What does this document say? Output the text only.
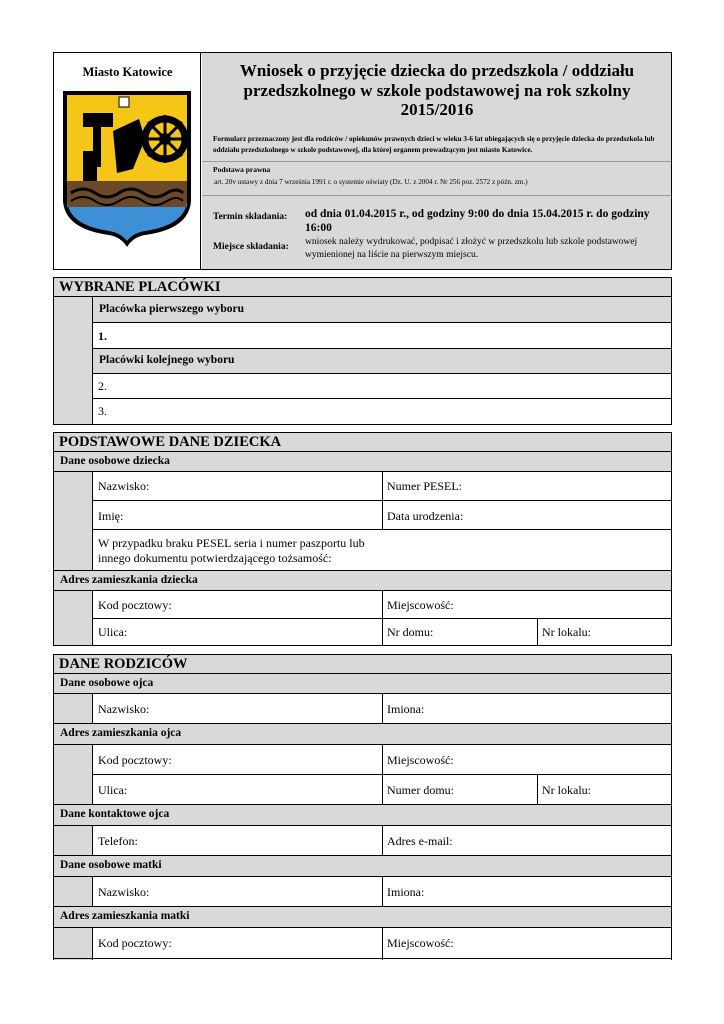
Miasto Katowice	Wniosek o przyjęcie dziecka do przedszkola / oddziału przedszkolnego w szkole podstawowej na rok szkolny 2015/2016
Formularz przeznaczony jest dla rodziców / opiekunów prawnych dzieci w wieku 3-6 lat ubiegających się o przyjęcie dziecka do przedszkola lub oddziału przedszkolnego w szkole podstawowej, dla której organem prowadzącym jest miasto Katowice.
Podstawa prawna
art. 20v ustawy z dnia 7 września 1991 r. o systemie oświaty (Dz. U. z 2004 r. Nr 256 poz. 2572 z późn. zm.)
Termin składania: od dnia 01.04.2015 r., od godziny 9:00 do dnia 15.04.2015 r. do godziny 16:00
Miejsce składania: wniosek należy wydrukować, podpisać i złożyć w przedszkolu lub szkole podstawowej wymienionej na liście na pierwszym miejscu.
WYBRANE PLACÓWKI
Placówka pierwszego wyboru
1.
Placówki kolejnego wyboru
2.
3.
PODSTAWOWE DANE DZIECKA
Dane osobowe dziecka
Nazwisko:	Numer PESEL:
Imię:	Data urodzenia:
W przypadku braku PESEL seria i numer paszportu lub
innego dokumentu potwierdzającego tożsamość:
Adres zamieszkania dziecka
Kod pocztowy:	Miejscowość:
Ulica:	Nr domu:	Nr lokalu:
DANE RODZICÓW
Dane osobowe ojca
Nazwisko:	Imiona:
Adres zamieszkania ojca
Kod pocztowy:	Miejscowość:
Ulica:	Numer domu:	Nr lokalu:
Dane kontaktowe ojca
Telefon:	Adres e-mail:
Dane osobowe matki
Nazwisko:	Imiona:
Adres zamieszkania matki
Kod pocztowy:	Miejscowość:
